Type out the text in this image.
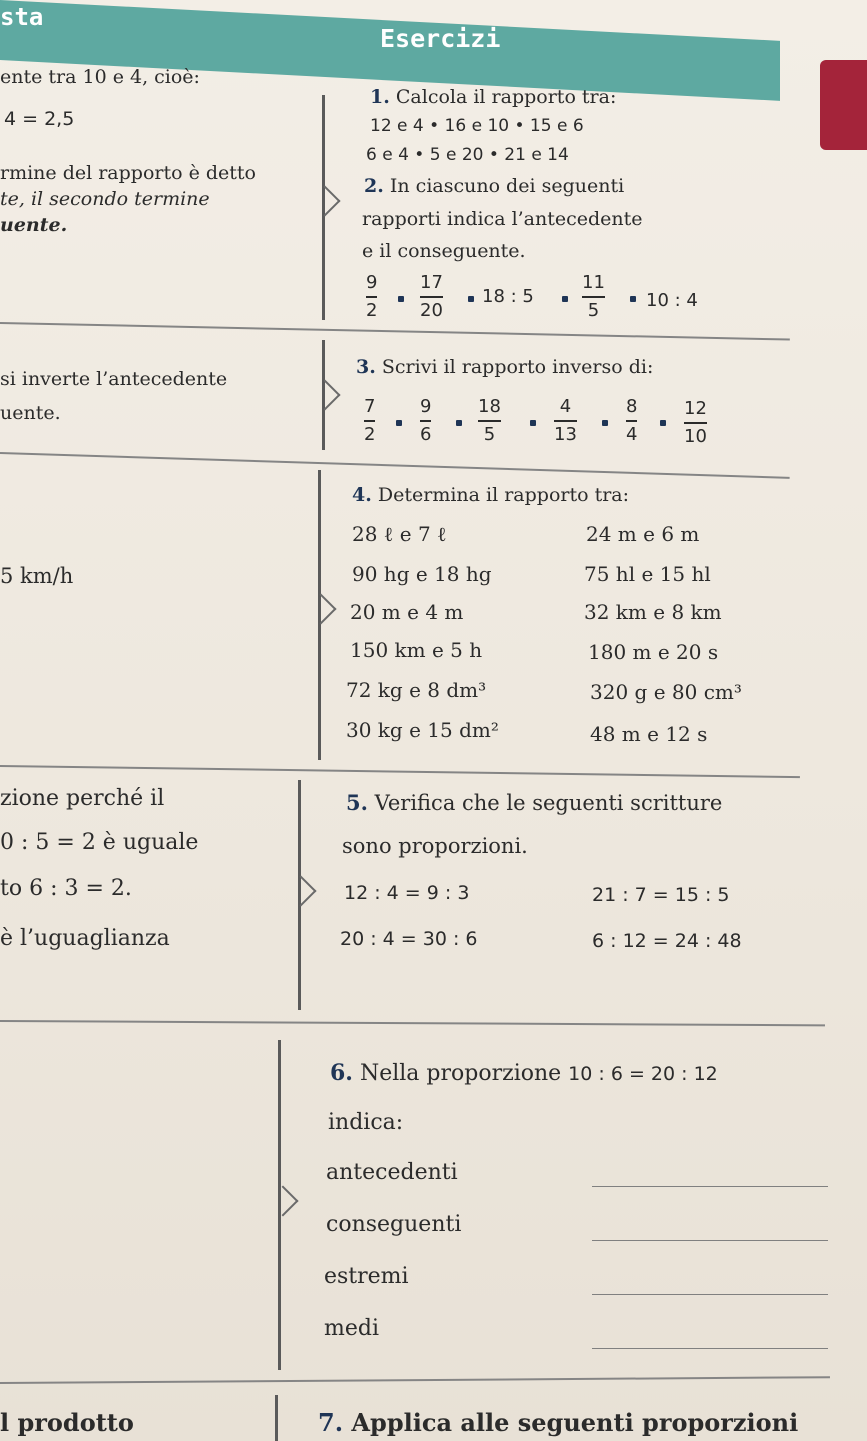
sta
Esercizi
ente tra 10 e 4, cioè:
4 = 2,5
rmine del rapporto è detto
te, il secondo termine
uente.
si inverte l’antecedente
uente.
5 km/h
zione perché il
0 : 5 = 2 è uguale
to 6 : 3 = 2.
è l’uguaglianza
l prodotto
1. Calcola il rapporto tra:
12 e 4 • 16 e 10 • 15 e 6
6 e 4 • 5 e 20 • 21 e 14
2. In ciascuno dei seguenti
rapporti indica l’antecedente
e il conseguente.
9
2
17
20
18 : 5
11
5	10 : 4
3. Scrivi il rapporto inverso di:
7
2
9
6
18
5
4
13
8
4
12
10
4. Determina il rapporto tra:
28 ℓ e 7 ℓ	24 m e 6 m
90 hg e 18 hg	75 hl e 15 hl
20 m e 4 m	32 km e 8 km
150 km e 5 h	180 m e 20 s
72 kg e 8 dm³	320 g e 80 cm³
30 kg e 15 dm²	48 m e 12 s
5. Verifica che le seguenti scritture
sono proporzioni.
12 : 4 = 9 : 3	21 : 7 = 15 : 5
20 : 4 = 30 : 6	6 : 12 = 24 : 48
6. Nella proporzione 10 : 6 = 20 : 12
indica:
antecedenti
conseguenti
estremi
medi
7. Applica alle seguenti proporzioni
